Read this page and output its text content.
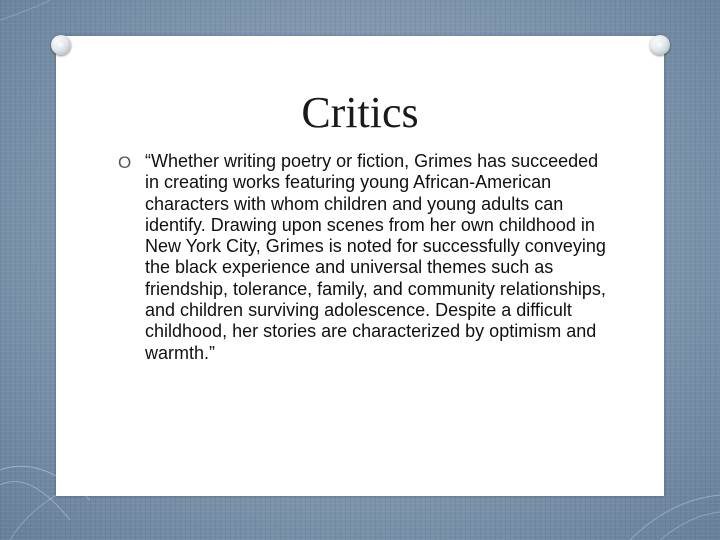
Critics
O “Whether writing poetry or fiction, Grimes has succeeded in creating works featuring young African-American characters with whom children and young adults can identify. Drawing upon scenes from her own childhood in New York City, Grimes is noted for successfully conveying the black experience and universal themes such as friendship, tolerance, family, and community relationships, and children surviving adolescence. Despite a difficult childhood, her stories are characterized by optimism and warmth.”
